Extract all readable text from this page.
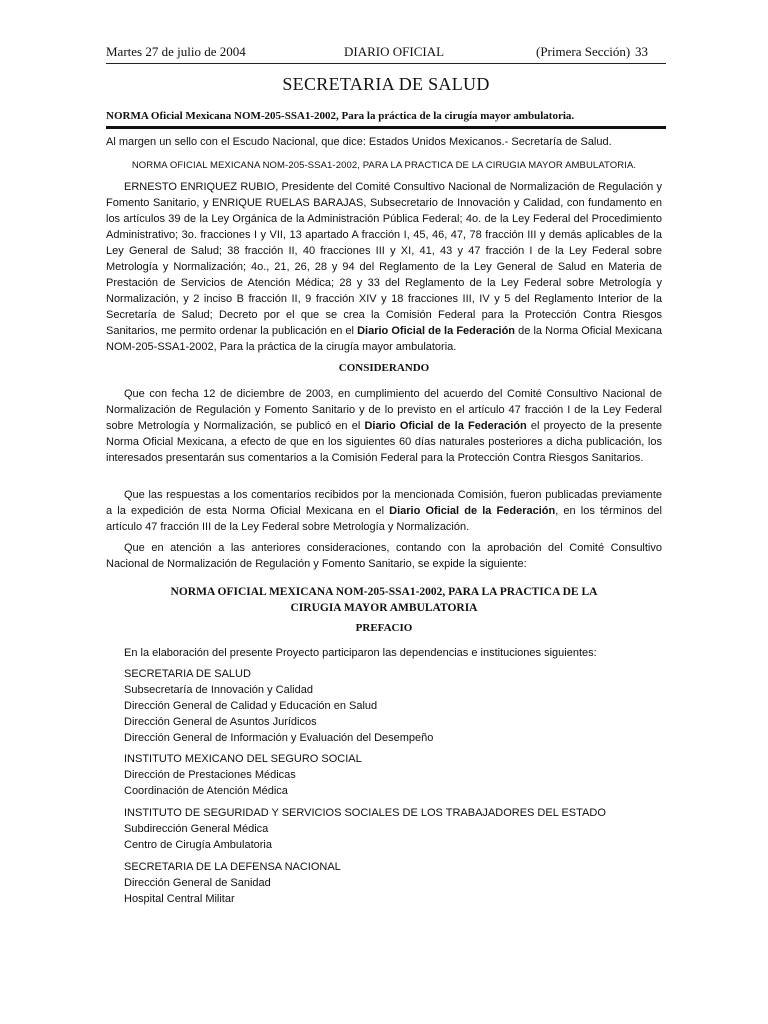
Martes 27 de julio de 2004	DIARIO OFICIAL	(Primera Sección) 33
SECRETARIA DE SALUD
NORMA Oficial Mexicana NOM-205-SSA1-2002, Para la práctica de la cirugía mayor ambulatoria.

Al margen un sello con el Escudo Nacional, que dice: Estados Unidos Mexicanos.- Secretaría de Salud.

NORMA OFICIAL MEXICANA NOM-205-SSA1-2002, PARA LA PRACTICA DE LA CIRUGIA MAYOR AMBULATORIA.

ERNESTO ENRIQUEZ RUBIO, Presidente del Comité Consultivo Nacional de Normalización de Regulación y Fomento Sanitario, y ENRIQUE RUELAS BARAJAS, Subsecretario de Innovación y Calidad, con fundamento en los artículos 39 de la Ley Orgánica de la Administración Pública Federal; 4o. de la Ley Federal del Procedimiento Administrativo; 3o. fracciones I y VII, 13 apartado A fracción I, 45, 46, 47, 78 fracción III y demás aplicables de la Ley General de Salud; 38 fracción II, 40 fracciones III y XI, 41, 43 y 47 fracción I de la Ley Federal sobre Metrología y Normalización; 4o., 21, 26, 28 y 94 del Reglamento de la Ley General de Salud en Materia de Prestación de Servicios de Atención Médica; 28 y 33 del Reglamento de la Ley Federal sobre Metrología y Normalización, y 2 inciso B fracción II, 9 fracción XIV y 18 fracciones III, IV y 5 del Reglamento Interior de la Secretaría de Salud; Decreto por el que se crea la Comisión Federal para la Protección Contra Riesgos Sanitarios, me permito ordenar la publicación en el Diario Oficial de la Federación de la Norma Oficial Mexicana NOM-205-SSA1-2002, Para la práctica de la cirugía mayor ambulatoria.

CONSIDERANDO

Que con fecha 12 de diciembre de 2003, en cumplimiento del acuerdo del Comité Consultivo Nacional de Normalización de Regulación y Fomento Sanitario y de lo previsto en el artículo 47 fracción I de la Ley Federal sobre Metrología y Normalización, se publicó en el Diario Oficial de la Federación el proyecto de la presente Norma Oficial Mexicana, a efecto de que en los siguientes 60 días naturales posteriores a dicha publicación, los interesados presentarán sus comentarios a la Comisión Federal para la Protección Contra Riesgos Sanitarios.

Que las respuestas a los comentarios recibidos por la mencionada Comisión, fueron publicadas previamente a la expedición de esta Norma Oficial Mexicana en el Diario Oficial de la Federación, en los términos del artículo 47 fracción III de la Ley Federal sobre Metrología y Normalización.

Que en atención a las anteriores consideraciones, contando con la aprobación del Comité Consultivo Nacional de Normalización de Regulación y Fomento Sanitario, se expide la siguiente:

NORMA OFICIAL MEXICANA NOM-205-SSA1-2002, PARA LA PRACTICA DE LA
CIRUGIA MAYOR AMBULATORIA

PREFACIO

En la elaboración del presente Proyecto participaron las dependencias e instituciones siguientes:

SECRETARIA DE SALUD

Subsecretaría de Innovación y Calidad

Dirección General de Calidad y Educación en Salud

Dirección General de Asuntos Jurídicos

Dirección General de Información y Evaluación del Desempeño

INSTITUTO MEXICANO DEL SEGURO SOCIAL

Dirección de Prestaciones Médicas

Coordinación de Atención Médica

INSTITUTO DE SEGURIDAD Y SERVICIOS SOCIALES DE LOS TRABAJADORES DEL ESTADO

Subdirección General Médica

Centro de Cirugía Ambulatoria

SECRETARIA DE LA DEFENSA NACIONAL

Dirección General de Sanidad

Hospital Central Militar
